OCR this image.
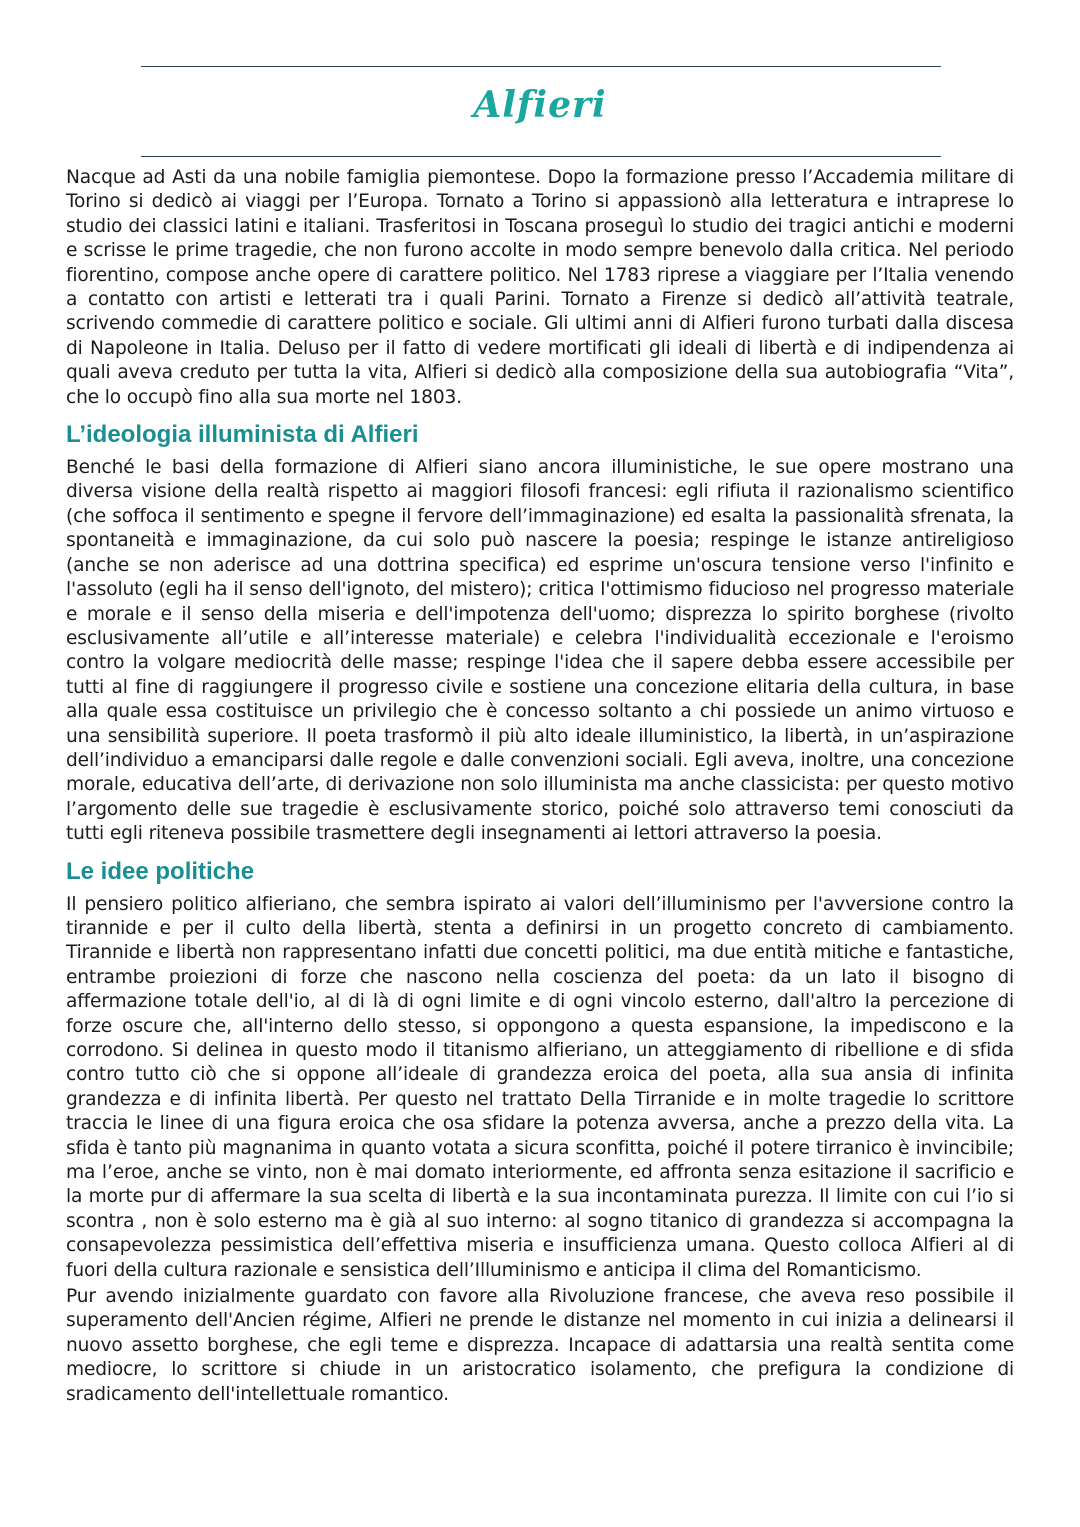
Alfieri

Nacque ad Asti da una nobile famiglia piemontese. Dopo la formazione presso l’Accademia militare di Torino si dedicò ai viaggi per l’Europa. Tornato a Torino si appassionò alla letteratura e intraprese lo studio dei classici latini e italiani. Trasferitosi in Toscana proseguì lo studio dei tragici antichi e moderni e scrisse le prime tragedie, che non furono accolte in modo sempre benevolo dalla critica. Nel periodo fiorentino, compose anche opere di carattere politico. Nel 1783 riprese a viaggiare per l’Italia venendo a contatto con artisti e letterati tra i quali Parini. Tornato a Firenze si dedicò all’attività teatrale, scrivendo commedie di carattere politico e sociale. Gli ultimi anni di Alfieri furono turbati dalla discesa di Napoleone in Italia. Deluso per il fatto di vedere mortificati gli ideali di libertà e di indipendenza ai quali aveva creduto per tutta la vita, Alfieri si dedicò alla composizione della sua autobiografia “Vita”, che lo occupò fino alla sua morte nel 1803.

L’ideologia illuminista di Alfieri

Benché le basi della formazione di Alfieri siano ancora illuministiche, le sue opere mostrano una diversa visione della realtà rispetto ai maggiori filosofi francesi: egli rifiuta il razionalismo scientifico (che soffoca il sentimento e spegne il fervore dell’immaginazione) ed esalta la passionalità sfrenata, la spontaneità e immaginazione, da cui solo può nascere la poesia; respinge le istanze antireligioso (anche se non aderisce ad una dottrina specifica) ed esprime un'oscura tensione verso l'infinito e l'assoluto (egli ha il senso dell'ignoto, del mistero); critica l'ottimismo fiducioso nel progresso materiale e morale e il senso della miseria e dell'impotenza dell'uomo; disprezza lo spirito borghese (rivolto esclusivamente all’utile e all’interesse materiale) e celebra l'individualità eccezionale e l'eroismo contro la volgare mediocrità delle masse; respinge l'idea che il sapere debba essere accessibile per tutti al fine di raggiungere il progresso civile e sostiene una concezione elitaria della cultura, in base alla quale essa costituisce un privilegio che è concesso soltanto a chi possiede un animo virtuoso e una sensibilità superiore. Il poeta trasformò il più alto ideale illuministico, la libertà, in un’aspirazione dell’individuo a emanciparsi dalle regole e dalle convenzioni sociali. Egli aveva, inoltre, una concezione morale, educativa dell’arte, di derivazione non solo illuminista ma anche classicista: per questo motivo l’argomento delle sue tragedie è esclusivamente storico, poiché solo attraverso temi conosciuti da tutti egli riteneva possibile trasmettere degli insegnamenti ai lettori attraverso la poesia.

Le idee politiche

Il pensiero politico alfieriano, che sembra ispirato ai valori dell’illuminismo per l'avversione contro la tirannide e per il culto della libertà, stenta a definirsi in un progetto concreto di cambiamento. Tirannide e libertà non rappresentano infatti due concetti politici, ma due entità mitiche e fantastiche, entrambe proiezioni di forze che nascono nella coscienza del poeta: da un lato il bisogno di affermazione totale dell'io, al di là di ogni limite e di ogni vincolo esterno, dall'altro la percezione di forze oscure che, all'interno dello stesso, si oppongono a questa espansione, la impediscono e la corrodono. Si delinea in questo modo il titanismo alfieriano, un atteggiamento di ribellione e di sfida contro tutto ciò che si oppone all’ideale di grandezza eroica del poeta, alla sua ansia di infinita grandezza e di infinita libertà. Per questo nel trattato Della Tirranide e in molte tragedie lo scrittore traccia le linee di una figura eroica che osa sfidare la potenza avversa, anche a prezzo della vita. La sfida è tanto più magnanima in quanto votata a sicura sconfitta, poiché il potere tirranico è invincibile; ma l’eroe, anche se vinto, non è mai domato interiormente, ed affronta senza esitazione il sacrificio e la morte pur di affermare la sua scelta di libertà e la sua incontaminata purezza. Il limite con cui l’io si scontra , non è solo esterno ma è già al suo interno: al sogno titanico di grandezza si accompagna la consapevolezza pessimistica dell’effettiva miseria e insufficienza umana. Questo colloca Alfieri al di fuori della cultura razionale e sensistica dell’Illuminismo e anticipa il clima del Romanticismo.

Pur avendo inizialmente guardato con favore alla Rivoluzione francese, che aveva reso possibile il superamento dell'Ancien régime, Alfieri ne prende le distanze nel momento in cui inizia a delinearsi il nuovo assetto borghese, che egli teme e disprezza. Incapace di adattarsia una realtà sentita come mediocre, lo scrittore si chiude in un aristocratico isolamento, che prefigura la condizione di sradicamento dell'intellettuale romantico.
